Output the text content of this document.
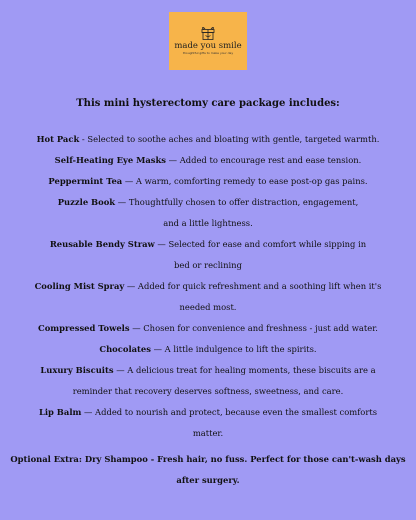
made you smile
thoughtful gifts to make your day
This mini hysterectomy care package includes:
Hot Pack - Selected to soothe aches and bloating with gentle, targeted warmth.
Self-Heating Eye Masks — Added to encourage rest and ease tension.
Peppermint Tea — A warm, comforting remedy to ease post-op gas pains.
Puzzle Book — Thoughtfully chosen to offer distraction, engagement,
and a little lightness.
Reusable Bendy Straw — Selected for ease and comfort while sipping in
bed or reclining
Cooling Mist Spray — Added for quick refreshment and a soothing lift when it's
needed most.
Compressed Towels — Chosen for convenience and freshness - just add water.
Chocolates — A little indulgence to lift the spirits.
Luxury Biscuits — A delicious treat for healing moments, these biscuits are a
reminder that recovery deserves softness, sweetness, and care.
Lip Balm — Added to nourish and protect, because even the smallest comforts
matter.
Optional Extra: Dry Shampoo - Fresh hair, no fuss. Perfect for those can't-wash days
after surgery.
